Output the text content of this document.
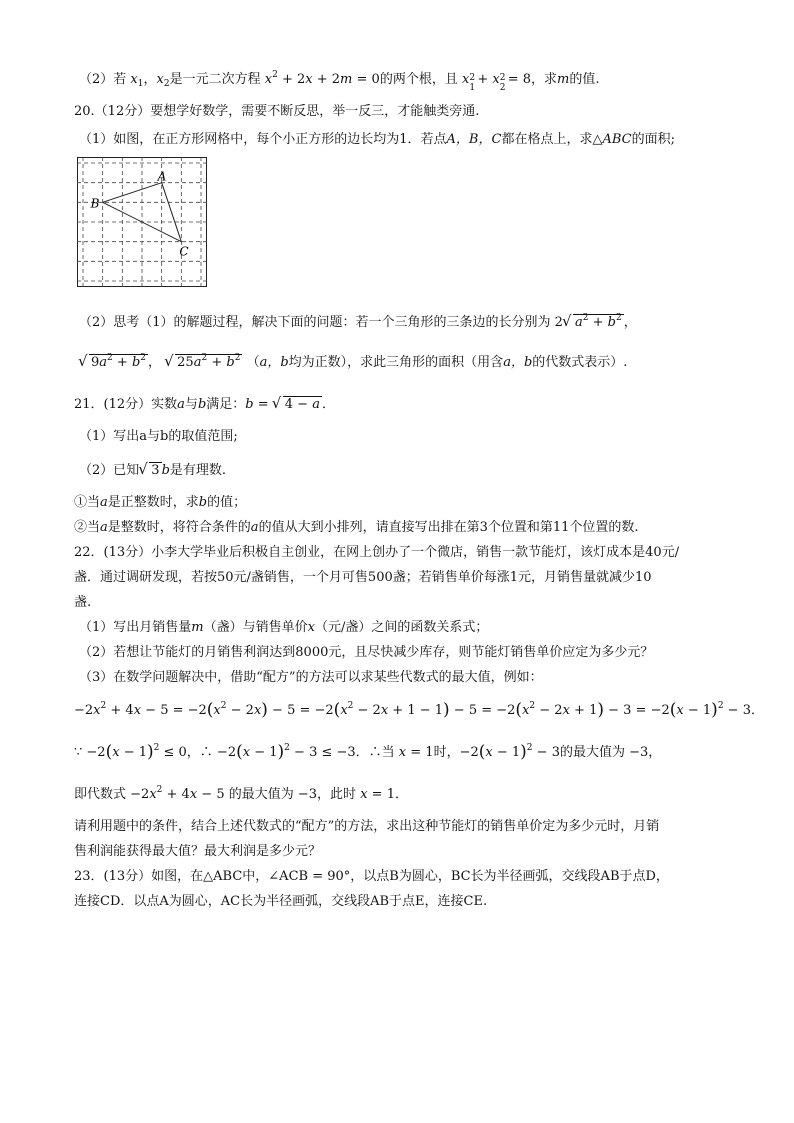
（2）若 $x_1$，$x_2$是一元二次方程 $x^2 + 2x + 2m = 0$的两个根，且 x 2
1
+ x 2
2
= 8，求m的值.
20.（12分）要想学好数学，需要不断反思，举一反三，才能触类旁通.
（1）如图，在正方形网格中，每个小正方形的边长均为1．若点A，B，C都在格点上，求△ABC的面积;
A
B
C
（2）思考（1）的解题过程，解决下面的问题：若一个三角形的三条边的长分别为 2 √ $a^2 + b^2$ ，
√ $9a^2 + b^2$ ， √ $25a^2 + b^2$ （a，b均为正数），求此三角形的面积（用含a，b的代数式表示）.
21．(12分）实数a与b满足：b = √ 4 − a ．
（1）写出a与b的取值范围;
（2）已知 √ 3 b是有理数.
①当a是正整数时，求b的值；
②当a是整数时，将符合条件的a的值从大到小排列，请直接写出排在第3个位置和第11个位置的数.
22．(13分）小李大学毕业后积极自主创业，在网上创办了一个微店，销售一款节能灯，该灯成本是40元/
盏．通过调研发现，若按50元/盏销售，一个月可售500盏；若销售单价每涨1元，月销售量就减少10
盏.
（1）写出月销售量m（盏）与销售单价x（元/盏）之间的函数关系式；
（2）若想让节能灯的月销售利润达到8000元，且尽快减少库存，则节能灯销售单价应定为多少元？
（3）在数学问题解决中，借助“配方”的方法可以求某些代数式的最大值，例如：
$-2x^2 + 4x - 5 = -2(x^2 - 2x) - 5 = -2(x^2 - 2x + 1 - 1) - 5 = -2(x^2 - 2x + 1) - 3 = -2(x - 1)^2 - 3$．
∵ $-2(x - 1)^2 \le 0$，∴ $-2(x - 1)^2 - 3 \le -3$．∴当 x = 1时，$-2(x - 1)^2 - 3$的最大值为 −3，
即代数式 $-2x^2 + 4x - 5$ 的最大值为 −3，此时 x = 1．
请利用题中的条件，结合上述代数式的“配方”的方法，求出这种节能灯的销售单价定为多少元时，月销
售利润能获得最大值？最大利润是多少元？
23．(13分）如图，在△ABC中，∠ACB = 90°，以点B为圆心，BC长为半径画弧，交线段AB于点D，
连接CD．以点A为圆心，AC长为半径画弧，交线段AB于点E，连接CE.
